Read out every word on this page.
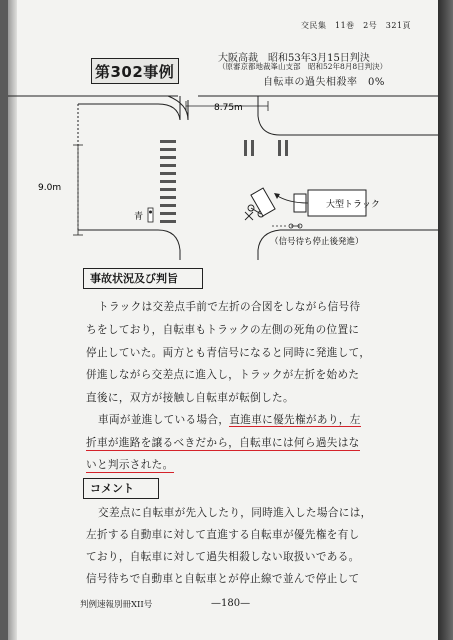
交民集　11巻　2号　321頁
第302事例
大阪高裁　昭和53年3月15日判決
（原審京都地裁峯山支部　昭和52年8月8日判決）
自転車の過失相殺率　0%
8.75m
9.0m
青
大型トラック
（信号待ち停止後発進）
事故状況及び判旨
トラックは交差点手前で左折の合図をしながら信号待
ちをしており，自転車もトラックの左側の死角の位置に
停止していた。両方とも青信号になると同時に発進して，
併進しながら交差点に進入し，トラックが左折を始めた
直後に，双方が接触し自転車が転倒した。
車両が並進している場合，直進車に優先権があり，左
折車が進路を譲るべきだから，自転車には何ら過失はな
コメント
いと判示された。
交差点に自転車が先入したり，同時進入した場合には，
左折する自動車に対して直進する自転車が優先権を有し
ており，自転車に対して過失相殺しない取扱いである。
判例速報別冊XII号	—180—
信号待ちで自動車と自転車とが停止線で並んで停止して
